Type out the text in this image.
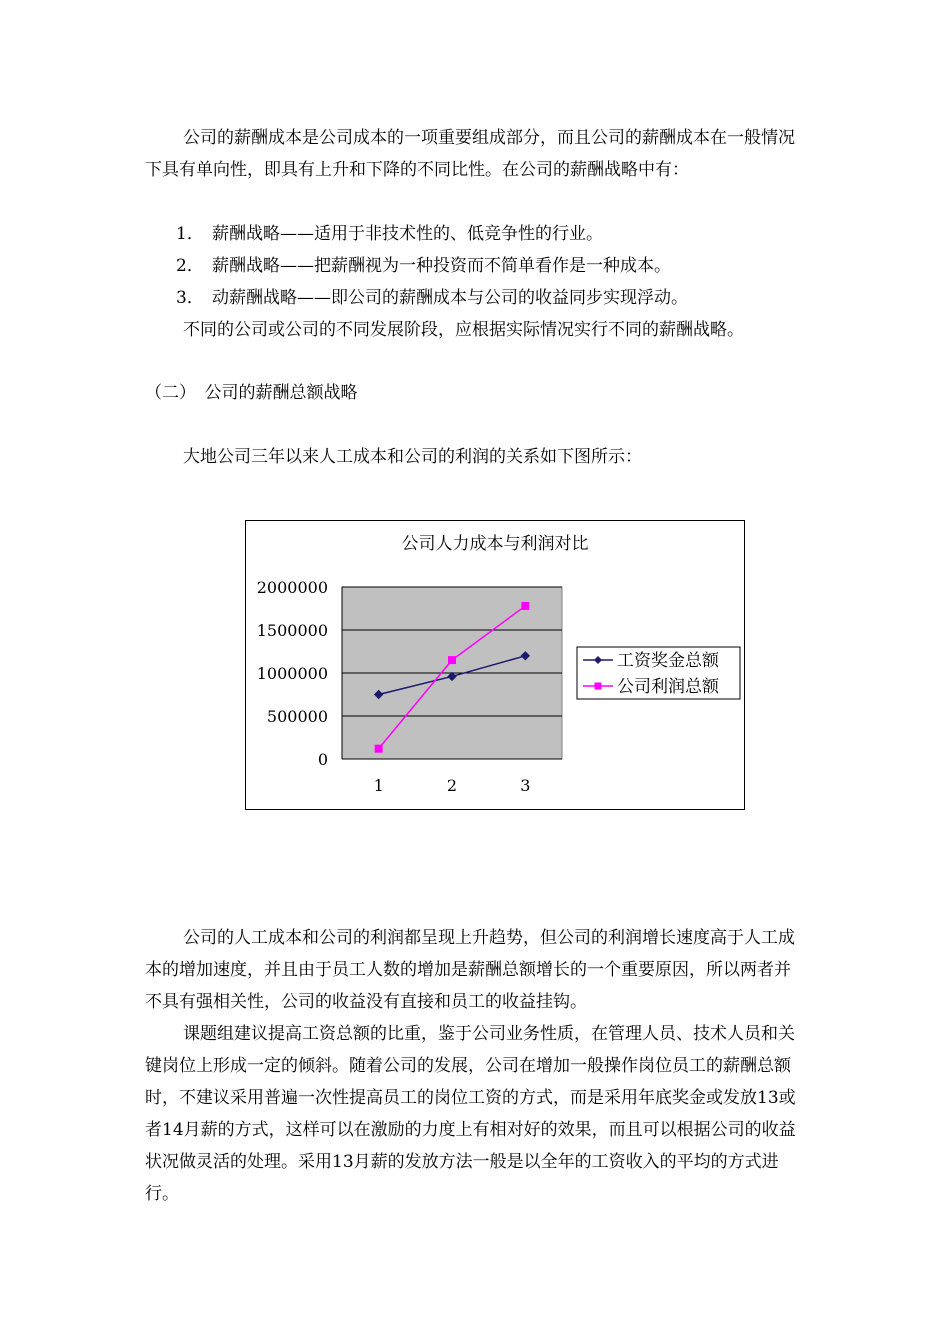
公司的薪酬成本是公司成本的一项重要组成部分，而且公司的薪酬成本在一般情况下具有单向性，即具有上升和下降的不同比性。在公司的薪酬战略中有：

1． 薪酬战略——适用于非技术性的、低竞争性的行业。
2． 薪酬战略——把薪酬视为一种投资而不简单看作是一种成本。
3． 动薪酬战略——即公司的薪酬成本与公司的收益同步实现浮动。

不同的公司或公司的不同发展阶段，应根据实际情况实行不同的薪酬战略。

（二）　公司的薪酬总额战略

大地公司三年以来人工成本和公司的利润的关系如下图所示：

公司人力成本与利润对比
2000000
1500000
1000000
500000
0
1	2	3
工资奖金总额
公司利润总额

公司的人工成本和公司的利润都呈现上升趋势，但公司的利润增长速度高于人工成本的增加速度，并且由于员工人数的增加是薪酬总额增长的一个重要原因，所以两者并不具有强相关性，公司的收益没有直接和员工的收益挂钩。

课题组建议提高工资总额的比重，鉴于公司业务性质，在管理人员、技术人员和关键岗位上形成一定的倾斜。随着公司的发展，公司在增加一般操作岗位员工的薪酬总额时，不建议采用普遍一次性提高员工的岗位工资的方式，而是采用年底奖金或发放13或者14月薪的方式，这样可以在激励的力度上有相对好的效果，而且可以根据公司的收益状况做灵活的处理。采用13月薪的发放方法一般是以全年的工资收入的平均的方式进行。
